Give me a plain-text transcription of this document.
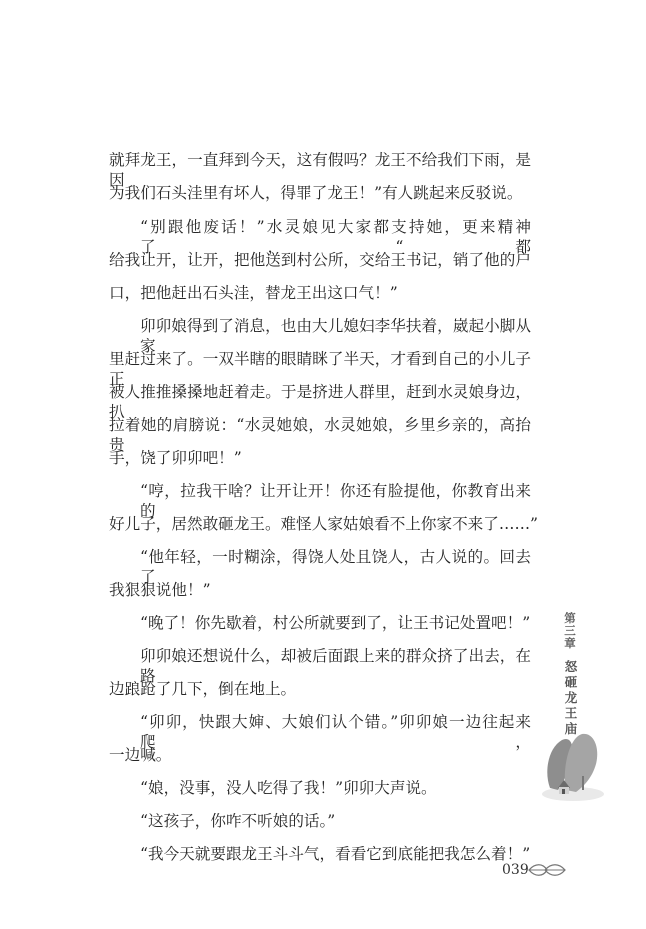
就拜龙王，一直拜到今天，这有假吗？龙王不给我们下雨，是因
为我们石头洼里有坏人，得罪了龙王！”有人跳起来反驳说。
“别跟他废话！”水灵娘见大家都支持她，更来精神了，“都
给我让开，让开，把他送到村公所，交给王书记，销了他的户
口，把他赶出石头洼，替龙王出这口气！”
卯卯娘得到了消息，也由大儿媳妇李华扶着，崴起小脚从家
里赶过来了。一双半瞎的眼睛眯了半天，才看到自己的小儿子正
被人推推搡搡地赶着走。于是挤进人群里，赶到水灵娘身边，扒
拉着她的肩膀说：“水灵她娘，水灵她娘，乡里乡亲的，高抬贵
手，饶了卯卯吧！”
“哼，拉我干啥？让开让开！你还有脸提他，你教育出来的
好儿子，居然敢砸龙王。难怪人家姑娘看不上你家不来了……”
“他年轻，一时糊涂，得饶人处且饶人，古人说的。回去了
我狠狠说他！”
“晚了！你先歇着，村公所就要到了，让王书记处置吧！”
卯卯娘还想说什么，却被后面跟上来的群众挤了出去，在路
边踉跄了几下，倒在地上。
“卯卯，快跟大婶、大娘们认个错。”卯卯娘一边往起来爬，
一边喊。
“娘，没事，没人吃得了我！”卯卯大声说。
“这孩子，你咋不听娘的话。”
“我今天就要跟龙王斗斗气，看看它到底能把我怎么着！”
第三章
怒砸龙王庙
039
